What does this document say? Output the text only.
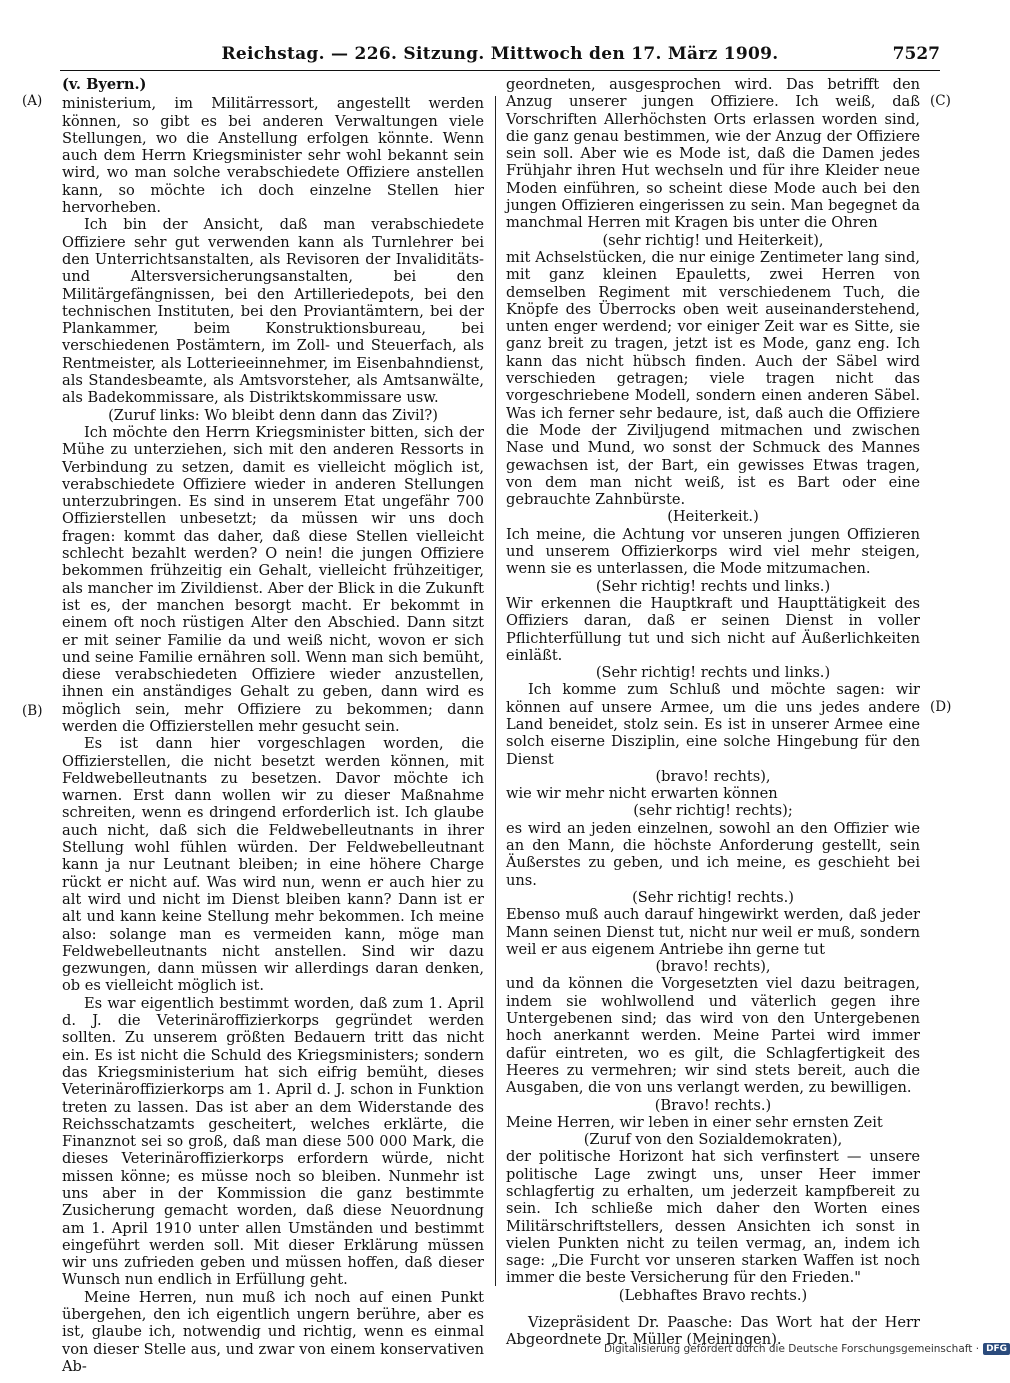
Reichstag. — 226. Sitzung. Mittwoch den 17. März 1909.	7527
(A)
(B)
(C)
(D)

(v. Byern.)

ministerium, im Militärressort, angestellt werden können, so gibt es bei anderen Verwaltungen viele Stellungen, wo die Anstellung erfolgen könnte. Wenn auch dem Herrn Kriegsminister sehr wohl bekannt sein wird, wo man solche verabschiedete Offiziere anstellen kann, so möchte ich doch einzelne Stellen hier hervorheben.

Ich bin der Ansicht, daß man verabschiedete Offiziere sehr gut verwenden kann als Turnlehrer bei den Unterrichtsanstalten, als Revisoren der Invaliditäts- und Altersversicherungsanstalten, bei den Militärgefängnissen, bei den Artilleriedepots, bei den technischen Instituten, bei den Proviantämtern, bei der Plankammer, beim Konstruktionsbureau, bei verschiedenen Postämtern, im Zoll- und Steuerfach, als Rentmeister, als Lotterieeinnehmer, im Eisenbahndienst, als Standesbeamte, als Amtsvorsteher, als Amtsanwälte, als Badekommissare, als Distriktskommissare usw.

(Zuruf links: Wo bleibt denn dann das Zivil?)

Ich möchte den Herrn Kriegsminister bitten, sich der Mühe zu unterziehen, sich mit den anderen Ressorts in Verbindung zu setzen, damit es vielleicht möglich ist, verabschiedete Offiziere wieder in anderen Stellungen unterzubringen. Es sind in unserem Etat ungefähr 700 Offizierstellen unbesetzt; da müssen wir uns doch fragen: kommt das daher, daß diese Stellen vielleicht schlecht bezahlt werden? O nein! die jungen Offiziere bekommen frühzeitig ein Gehalt, vielleicht frühzeitiger, als mancher im Zivildienst. Aber der Blick in die Zukunft ist es, der manchen besorgt macht. Er bekommt in einem oft noch rüstigen Alter den Abschied. Dann sitzt er mit seiner Familie da und weiß nicht, wovon er sich und seine Familie ernähren soll. Wenn man sich bemüht, diese verabschiedeten Offiziere wieder anzustellen, ihnen ein anständiges Gehalt zu geben, dann wird es möglich sein, mehr Offiziere zu bekommen; dann werden die Offizierstellen mehr gesucht sein.

Es ist dann hier vorgeschlagen worden, die Offizierstellen, die nicht besetzt werden können, mit Feldwebelleutnants zu besetzen. Davor möchte ich warnen. Erst dann wollen wir zu dieser Maßnahme schreiten, wenn es dringend erforderlich ist. Ich glaube auch nicht, daß sich die Feldwebelleutnants in ihrer Stellung wohl fühlen würden. Der Feldwebelleutnant kann ja nur Leutnant bleiben; in eine höhere Charge rückt er nicht auf. Was wird nun, wenn er auch hier zu alt wird und nicht im Dienst bleiben kann? Dann ist er alt und kann keine Stellung mehr bekommen. Ich meine also: solange man es vermeiden kann, möge man Feldwebelleutnants nicht anstellen. Sind wir dazu gezwungen, dann müssen wir allerdings daran denken, ob es vielleicht möglich ist.

Es war eigentlich bestimmt worden, daß zum 1. April d. J. die Veterinäroffizierkorps gegründet werden sollten. Zu unserem größten Bedauern tritt das nicht ein. Es ist nicht die Schuld des Kriegsministers; sondern das Kriegsministerium hat sich eifrig bemüht, dieses Veterinäroffizierkorps am 1. April d. J. schon in Funktion treten zu lassen. Das ist aber an dem Widerstande des Reichsschatzamts gescheitert, welches erklärte, die Finanznot sei so groß, daß man diese 500 000 Mark, die dieses Veterinäroffizierkorps erfordern würde, nicht missen könne; es müsse noch so bleiben. Nunmehr ist uns aber in der Kommission die ganz bestimmte Zusicherung gemacht worden, daß diese Neuordnung am 1. April 1910 unter allen Umständen und bestimmt eingeführt werden soll. Mit dieser Erklärung müssen wir uns zufrieden geben und müssen hoffen, daß dieser Wunsch nun endlich in Erfüllung geht.

Meine Herren, nun muß ich noch auf einen Punkt übergehen, den ich eigentlich ungern berühre, aber es ist, glaube ich, notwendig und richtig, wenn es einmal von dieser Stelle aus, und zwar von einem konservativen Ab-

geordneten, ausgesprochen wird. Das betrifft den Anzug unserer jungen Offiziere. Ich weiß, daß Vorschriften Allerhöchsten Orts erlassen worden sind, die ganz genau bestimmen, wie der Anzug der Offiziere sein soll. Aber wie es Mode ist, daß die Damen jedes Frühjahr ihren Hut wechseln und für ihre Kleider neue Moden einführen, so scheint diese Mode auch bei den jungen Offizieren eingerissen zu sein. Man begegnet da manchmal Herren mit Kragen bis unter die Ohren

(sehr richtig! und Heiterkeit),

mit Achselstücken, die nur einige Zentimeter lang sind, mit ganz kleinen Epauletts, zwei Herren von demselben Regiment mit verschiedenem Tuch, die Knöpfe des Überrocks oben weit auseinanderstehend, unten enger werdend; vor einiger Zeit war es Sitte, sie ganz breit zu tragen, jetzt ist es Mode, ganz eng. Ich kann das nicht hübsch finden. Auch der Säbel wird verschieden getragen; viele tragen nicht das vorgeschriebene Modell, sondern einen anderen Säbel. Was ich ferner sehr bedaure, ist, daß auch die Offiziere die Mode der Ziviljugend mitmachen und zwischen Nase und Mund, wo sonst der Schmuck des Mannes gewachsen ist, der Bart, ein gewisses Etwas tragen, von dem man nicht weiß, ist es Bart oder eine gebrauchte Zahnbürste.

(Heiterkeit.)

Ich meine, die Achtung vor unseren jungen Offizieren und unserem Offizierkorps wird viel mehr steigen, wenn sie es unterlassen, die Mode mitzumachen.

(Sehr richtig! rechts und links.)

Wir erkennen die Hauptkraft und Haupttätigkeit des Offiziers daran, daß er seinen Dienst in voller Pflichterfüllung tut und sich nicht auf Äußerlichkeiten einläßt.

(Sehr richtig! rechts und links.)

Ich komme zum Schluß und möchte sagen: wir können auf unsere Armee, um die uns jedes andere Land beneidet, stolz sein. Es ist in unserer Armee eine solch eiserne Disziplin, eine solche Hingebung für den Dienst

(bravo! rechts),

wie wir mehr nicht erwarten können

(sehr richtig! rechts);

es wird an jeden einzelnen, sowohl an den Offizier wie an den Mann, die höchste Anforderung gestellt, sein Äußerstes zu geben, und ich meine, es geschieht bei uns.

(Sehr richtig! rechts.)

Ebenso muß auch darauf hingewirkt werden, daß jeder Mann seinen Dienst tut, nicht nur weil er muß, sondern weil er aus eigenem Antriebe ihn gerne tut

(bravo! rechts),

und da können die Vorgesetzten viel dazu beitragen, indem sie wohlwollend und väterlich gegen ihre Untergebenen sind; das wird von den Untergebenen hoch anerkannt werden. Meine Partei wird immer dafür eintreten, wo es gilt, die Schlagfertigkeit des Heeres zu vermehren; wir sind stets bereit, auch die Ausgaben, die von uns verlangt werden, zu bewilligen.

(Bravo! rechts.)

Meine Herren, wir leben in einer sehr ernsten Zeit

(Zuruf von den Sozialdemokraten),

der politische Horizont hat sich verfinstert — unsere politische Lage zwingt uns, unser Heer immer schlagfertig zu erhalten, um jederzeit kampfbereit zu sein. Ich schließe mich daher den Worten eines Militärschriftstellers, dessen Ansichten ich sonst in vielen Punkten nicht zu teilen vermag, an, indem ich sage: „Die Furcht vor unseren starken Waffen ist noch immer die beste Versicherung für den Frieden."

(Lebhaftes Bravo rechts.)

Vizepräsident Dr. Paasche: Das Wort hat der Herr Abgeordnete Dr. Müller (Meiningen).

Digitalisierung gefördert durch die Deutsche Forschungsgemeinschaft · DFG
